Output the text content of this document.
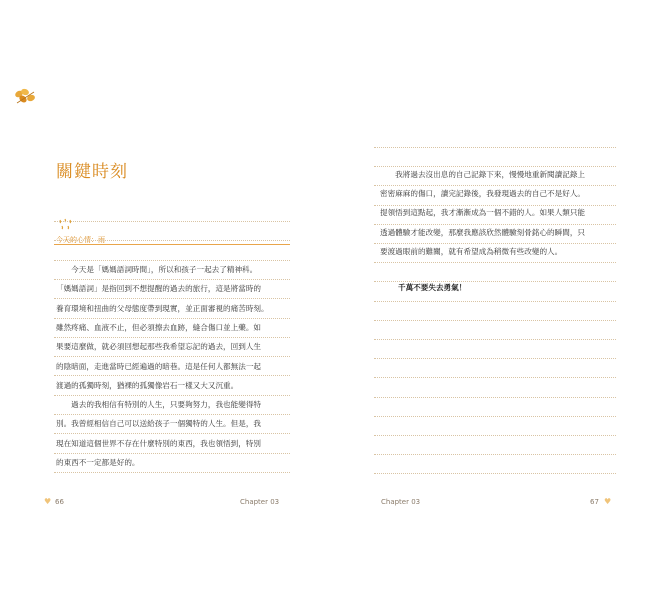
關鍵時刻
今天的心情：雨
　　今天是「媽媽語詞時間」，所以和孩子一起去了精神科。
「媽媽語詞」是指回到不想提醒的過去的旅行，這是將當時的
養育環境和扭曲的父母態度帶到現實，並正面審視的痛苦時刻。
雖然疼痛、血液不止，但必須擦去血跡，縫合傷口並上藥。如
果要這麼做，就必須回想起那些我希望忘記的過去，回到人生
的陰暗面，走進當時已經遍過的暗巷。這是任何人都無法一起
渡過的孤獨時刻，猶裸的孤獨像岩石一樣又大又沉重。
　　過去的我相信有特別的人生，只要夠努力，我也能變得特
別。我曾經相信自己可以送給孩子一個獨特的人生。但是，我
現在知道這個世界不存在什麼特別的東西，我也領悟到，特別
的東西不一定都是好的。
♥ 66	Chapter 03
　　我將過去沒出息的自己記錄下來，慢慢地重新閱讀記錄上
密密麻麻的傷口，讀完記錄後，我發現過去的自己不是好人。
提領悟到這點起，我才漸漸成為一個不錯的人。如果人類只能
透過體驗才能改變，那麼我應該欣然體驗刻骨銘心的瞬間，只
要渡過眼前的難關，就有希望成為稍微有些改變的人。
千萬不要失去勇氣！
Chapter 03	67 ♥
